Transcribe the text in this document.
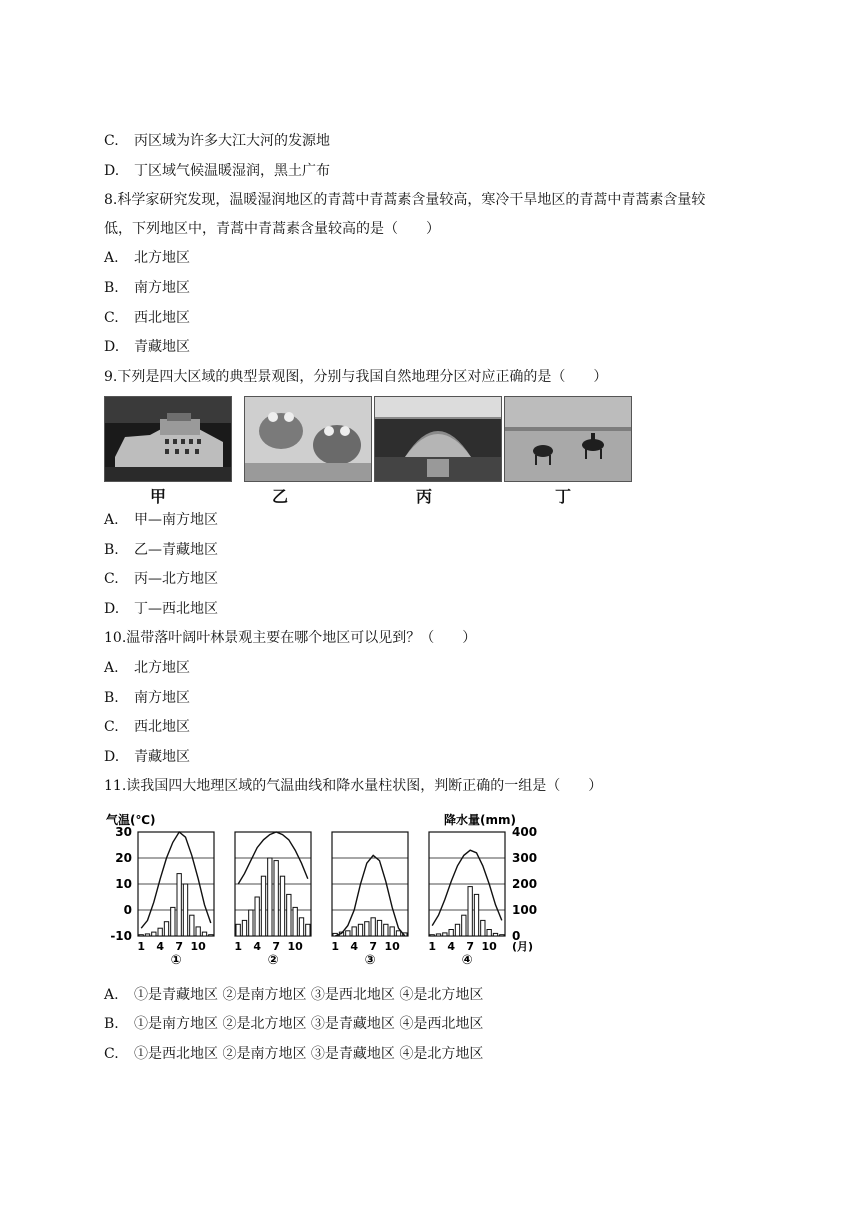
C. 丙区域为许多大江大河的发源地
D. 丁区域气候温暖湿润，黑土广布
8.科学家研究发现，温暖湿润地区的青蒿中青蒿素含量较高，寒冷干旱地区的青蒿中青蒿素含量较
低，下列地区中，青蒿中青蒿素含量较高的是（　　）
A. 北方地区
B. 南方地区
C. 西北地区
D. 青藏地区
9.下列是四大区域的典型景观图，分别与我国自然地理分区对应正确的是（　　）
甲	乙	丙	丁
A. 甲—南方地区
B. 乙—青藏地区
C. 丙—北方地区
D. 丁—西北地区
10.温带落叶阔叶林景观主要在哪个地区可以见到？（　　）
A. 北方地区
B. 南方地区
C. 西北地区
D. 青藏地区
11.读我国四大地理区域的气温曲线和降水量柱状图，判断正确的一组是（　　）
气温(℃)	降水量(mm)
30
20
10
0
-10
400
300
200
100
0
1 4 7 10
①
1 4 7 10
②
1 4 7 10
③
1 4 7 10
④
(月)
A. ①是青藏地区 ②是南方地区 ③是西北地区 ④是北方地区
B. ①是南方地区 ②是北方地区 ③是青藏地区 ④是西北地区
C. ①是西北地区 ②是南方地区 ③是青藏地区 ④是北方地区
